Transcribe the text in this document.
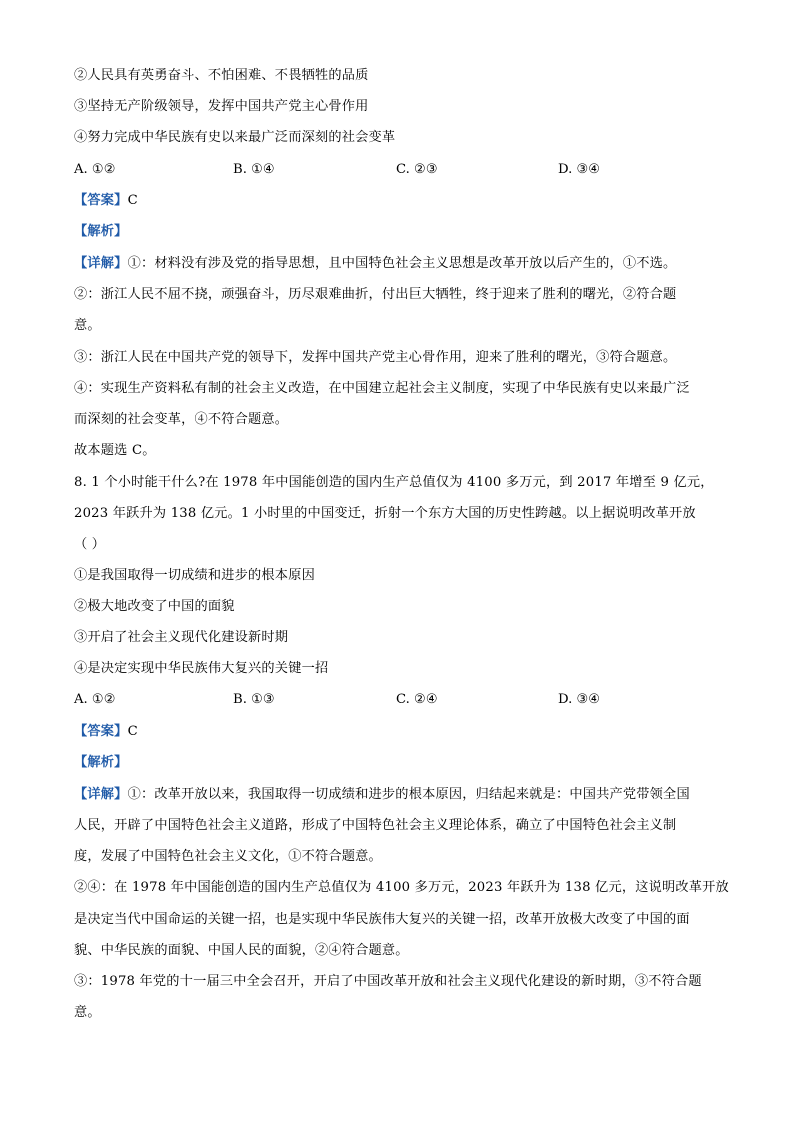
②人民具有英勇奋斗、不怕困难、不畏牺牲的品质
③坚持无产阶级领导，发挥中国共产党主心骨作用
④努力完成中华民族有史以来最广泛而深刻的社会变革
A. ①②	B. ①④	C. ②③	D. ③④
【答案】C
【解析】
【详解】①：材料没有涉及党的指导思想，且中国特色社会主义思想是改革开放以后产生的，①不选。
②：浙江人民不屈不挠，顽强奋斗，历尽艰难曲折，付出巨大牺牲，终于迎来了胜利的曙光，②符合题
意。
③：浙江人民在中国共产党的领导下，发挥中国共产党主心骨作用，迎来了胜利的曙光，③符合题意。
④：实现生产资料私有制的社会主义改造，在中国建立起社会主义制度，实现了中华民族有史以来最广泛
而深刻的社会变革，④不符合题意。
故本题选 C。
8. 1 个小时能干什么?在 1978 年中国能创造的国内生产总值仅为 4100 多万元，到 2017 年增至 9 亿元，
2023 年跃升为 138 亿元。1 小时里的中国变迁，折射一个东方大国的历史性跨越。以上据说明改革开放
（ ）
①是我国取得一切成绩和进步的根本原因
②极大地改变了中国的面貌
③开启了社会主义现代化建设新时期
④是决定实现中华民族伟大复兴的关键一招
A. ①②	B. ①③	C. ②④	D. ③④
【答案】C
【解析】
【详解】①：改革开放以来，我国取得一切成绩和进步的根本原因，归结起来就是：中国共产党带领全国
人民，开辟了中国特色社会主义道路，形成了中国特色社会主义理论体系，确立了中国特色社会主义制
度，发展了中国特色社会主义文化，①不符合题意。
②④：在 1978 年中国能创造的国内生产总值仅为 4100 多万元，2023 年跃升为 138 亿元，这说明改革开放
是决定当代中国命运的关键一招，也是实现中华民族伟大复兴的关键一招，改革开放极大改变了中国的面
貌、中华民族的面貌、中国人民的面貌，②④符合题意。
③：1978 年党的十一届三中全会召开，开启了中国改革开放和社会主义现代化建设的新时期，③不符合题
意。
